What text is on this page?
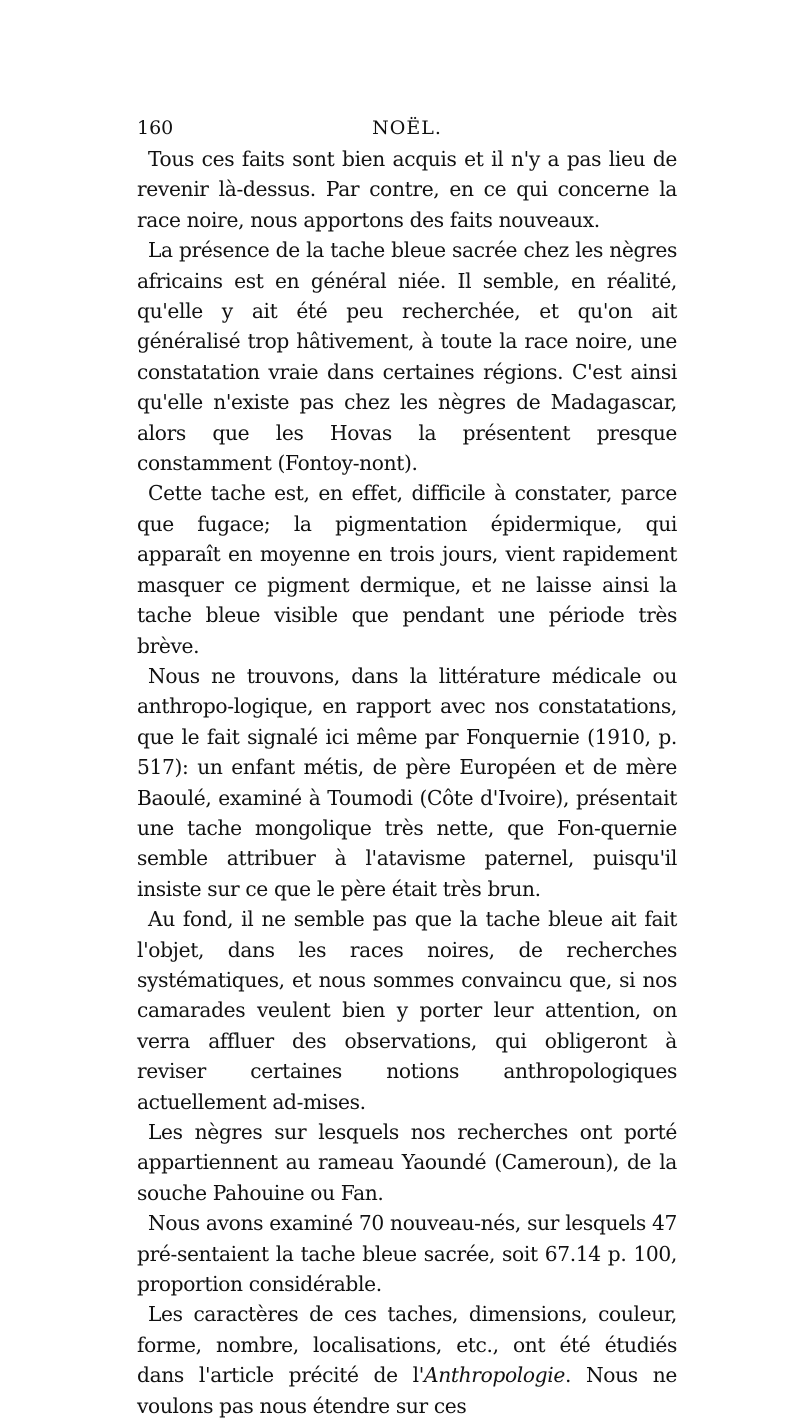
160	NOËL.

Tous ces faits sont bien acquis et il n'y a pas lieu de revenir là-dessus. Par contre, en ce qui concerne la race noire, nous apportons des faits nouveaux.

La présence de la tache bleue sacrée chez les nègres africains est en général niée. Il semble, en réalité, qu'elle y ait été peu recherchée, et qu'on ait généralisé trop hâtivement, à toute la race noire, une constatation vraie dans certaines régions. C'est ainsi qu'elle n'existe pas chez les nègres de Madagascar, alors que les Hovas la présentent presque constamment (Fontoy-nont).

Cette tache est, en effet, difficile à constater, parce que fugace; la pigmentation épidermique, qui apparaît en moyenne en trois jours, vient rapidement masquer ce pigment dermique, et ne laisse ainsi la tache bleue visible que pendant une période très brève.

Nous ne trouvons, dans la littérature médicale ou anthropo-logique, en rapport avec nos constatations, que le fait signalé ici même par Fonquernie (1910, p. 517): un enfant métis, de père Européen et de mère Baoulé, examiné à Toumodi (Côte d'Ivoire), présentait une tache mongolique très nette, que Fon-quernie semble attribuer à l'atavisme paternel, puisqu'il insiste sur ce que le père était très brun.

Au fond, il ne semble pas que la tache bleue ait fait l'objet, dans les races noires, de recherches systématiques, et nous sommes convaincu que, si nos camarades veulent bien y porter leur attention, on verra affluer des observations, qui obligeront à reviser certaines notions anthropologiques actuellement ad-mises.

Les nègres sur lesquels nos recherches ont porté appartiennent au rameau Yaoundé (Cameroun), de la souche Pahouine ou Fan.

Nous avons examiné 70 nouveau-nés, sur lesquels 47 pré-sentaient la tache bleue sacrée, soit 67.14 p. 100, proportion considérable.

Les caractères de ces taches, dimensions, couleur, forme, nombre, localisations, etc., ont été étudiés dans l'article précité de l'Anthropologie. Nous ne voulons pas nous étendre sur ces
